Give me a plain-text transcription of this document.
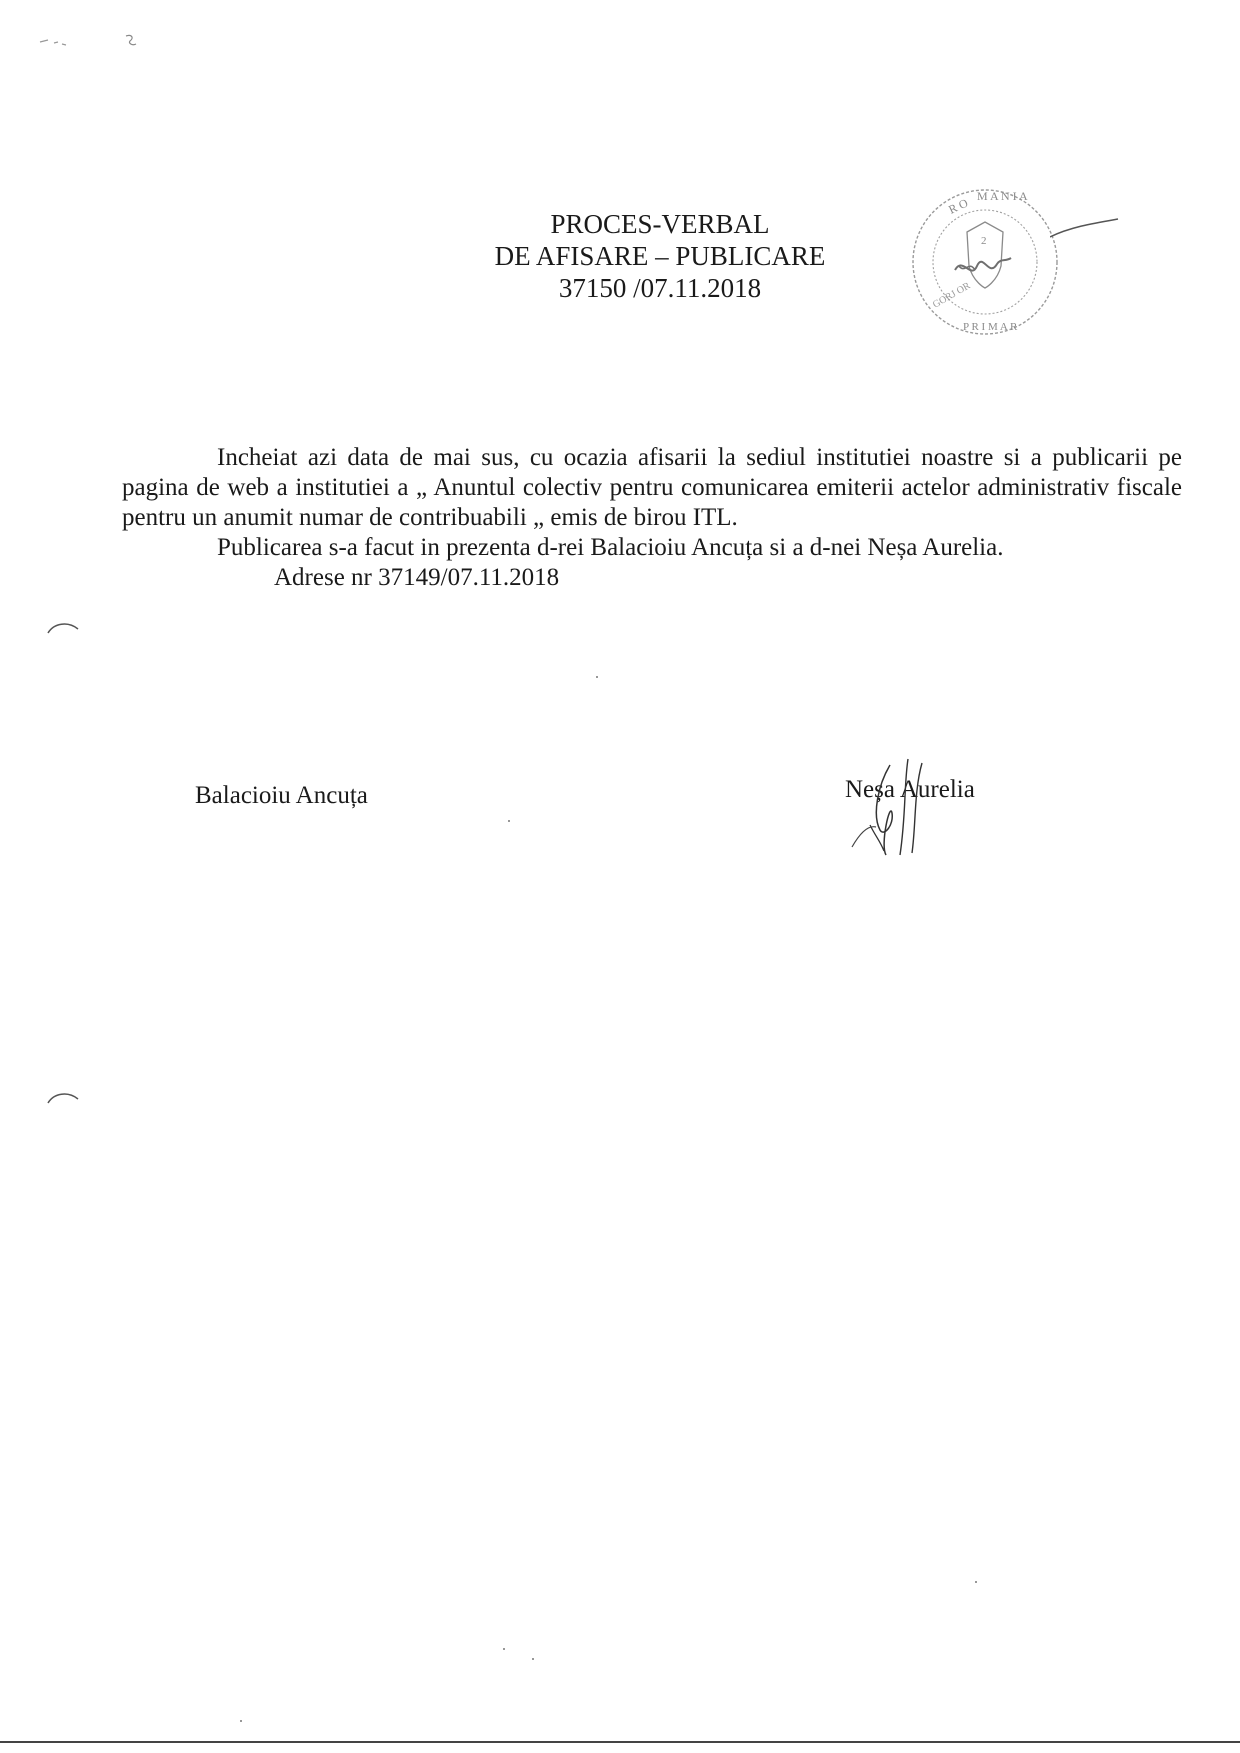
PROCES-VERBAL
DE AFISARE – PUBLICARE
37150 /07.11.2018
R O M A N I A
P R I M A R
GORJ OR
2

Incheiat azi data de mai sus, cu ocazia afisarii la sediul institutiei noastre si a publicarii pe pagina de web a institutiei a „ Anuntul colectiv pentru comunicarea emiterii actelor administrativ fiscale pentru un anumit numar de contribuabili „ emis de birou ITL.

Publicarea s-a facut in prezenta d-rei Balacioiu Ancuța si a d-nei Neșa Aurelia.

Adrese nr 37149/07.11.2018

Balacioiu Ancuța	Neșa Aurelia
